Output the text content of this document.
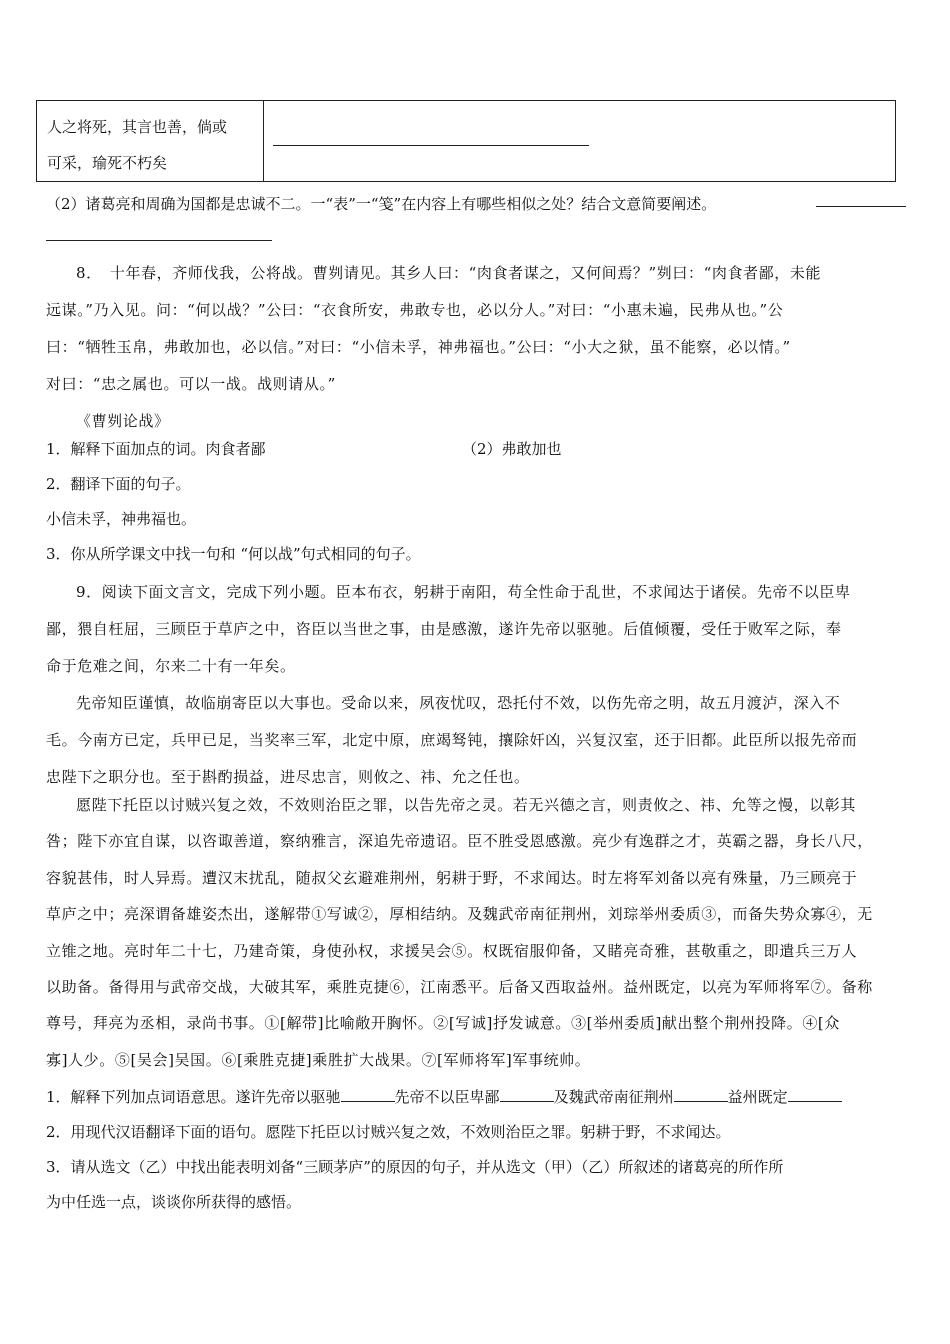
人之将死，其言也善，倘或
可采，瑜死不朽矣
（2）诸葛亮和周确为国都是忠诚不二。一“表”一“笺”在内容上有哪些相似之处？结合文意简要阐述。
8．　十年春，齐师伐我，公将战。曹刿请见。其乡人曰：“肉食者谋之，又何间焉？”刿曰：“肉食者鄙，未能
远谋。”乃入见。问：“何以战？”公曰：“衣食所安，弗敢专也，必以分人。”对曰：“小惠未遍，民弗从也。”公
曰：“牺牲玉帛，弗敢加也，必以信。”对曰：“小信未孚，神弗福也。”公曰：“小大之狱，虽不能察，必以情。”
对曰：“忠之属也。可以一战。战则请从。”
《曹刿论战》
1．解释下面加点的词。肉食者鄙	（2）弗敢加也
2．翻译下面的句子。
小信未孚，神弗福也。
3．你从所学课文中找一句和 “何以战”句式相同的句子。
9．阅读下面文言文，完成下列小题。臣本布衣，躬耕于南阳，苟全性命于乱世，不求闻达于诸侯。先帝不以臣卑
鄙，猥自枉屈，三顾臣于草庐之中，咨臣以当世之事，由是感激，遂许先帝以驱驰。后值倾覆，受任于败军之际，奉
命于危难之间，尔来二十有一年矣。
先帝知臣谨慎，故临崩寄臣以大事也。受命以来，夙夜忧叹，恐托付不效，以伤先帝之明，故五月渡泸，深入不
毛。今南方已定，兵甲已足，当奖率三军，北定中原，庶竭驽钝，攘除奸凶，兴复汉室，还于旧都。此臣所以报先帝而
忠陛下之职分也。至于斟酌损益，进尽忠言，则攸之、祎、允之任也。
愿陛下托臣以讨贼兴复之效，不效则治臣之罪，以告先帝之灵。若无兴德之言，则责攸之、祎、允等之慢，以彰其
咎；陛下亦宜自谋，以咨诹善道，察纳雅言，深追先帝遗诏。臣不胜受恩感激。亮少有逸群之才，英霸之器，身长八尺，
容貌甚伟，时人异焉。遭汉末扰乱，随叔父玄避难荆州，躬耕于野，不求闻达。时左将军刘备以亮有殊量，乃三顾亮于
草庐之中；亮深谓备雄姿杰出，遂解带①写诚②，厚相结纳。及魏武帝南征荆州，刘琮举州委质③，而备失势众寡④，无
立锥之地。亮时年二十七，乃建奇策，身使孙权，求援吴会⑤。权既宿服仰备，又睹亮奇雅，甚敬重之，即遣兵三万人
以助备。备得用与武帝交战，大破其军，乘胜克捷⑥，江南悉平。后备又西取益州。益州既定，以亮为军师将军⑦。备称
尊号，拜亮为丞相，录尚书事。①[解带]比喻敞开胸怀。②[写诚]抒发诚意。③[举州委质]献出整个荆州投降。④[众
寡]人少。⑤[吴会]吴国。⑥[乘胜克捷]乘胜扩大战果。⑦[军师将军]军事统帅。
1．解释下列加点词语意思。遂许先帝以驱驰	先帝不以臣卑鄙	及魏武帝南征荆州	益州既定
2．用现代汉语翻译下面的语句。愿陛下托臣以讨贼兴复之效，不效则治臣之罪。躬耕于野，不求闻达。
3．请从选文（乙）中找出能表明刘备“三顾茅庐”的原因的句子，并从选文（甲）（乙）所叙述的诸葛亮的所作所
为中任选一点，谈谈你所获得的感悟。
